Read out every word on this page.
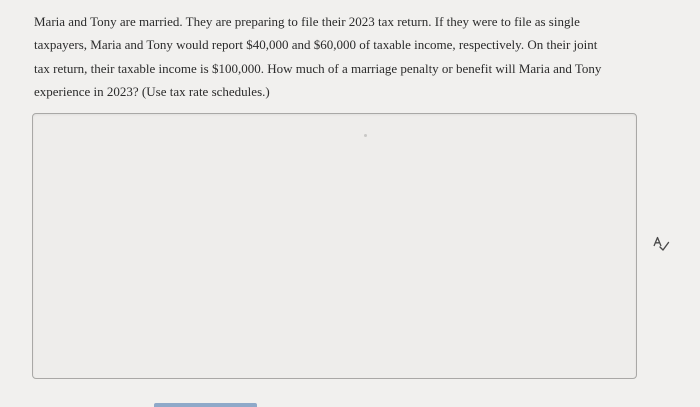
Maria and Tony are married. They are preparing to file their 2023 tax return. If they were to file as single
taxpayers, Maria and Tony would report $40,000 and $60,000 of taxable income, respectively. On their joint
tax return, their taxable income is $100,000. How much of a marriage penalty or benefit will Maria and Tony
experience in 2023? (Use tax rate schedules.)
